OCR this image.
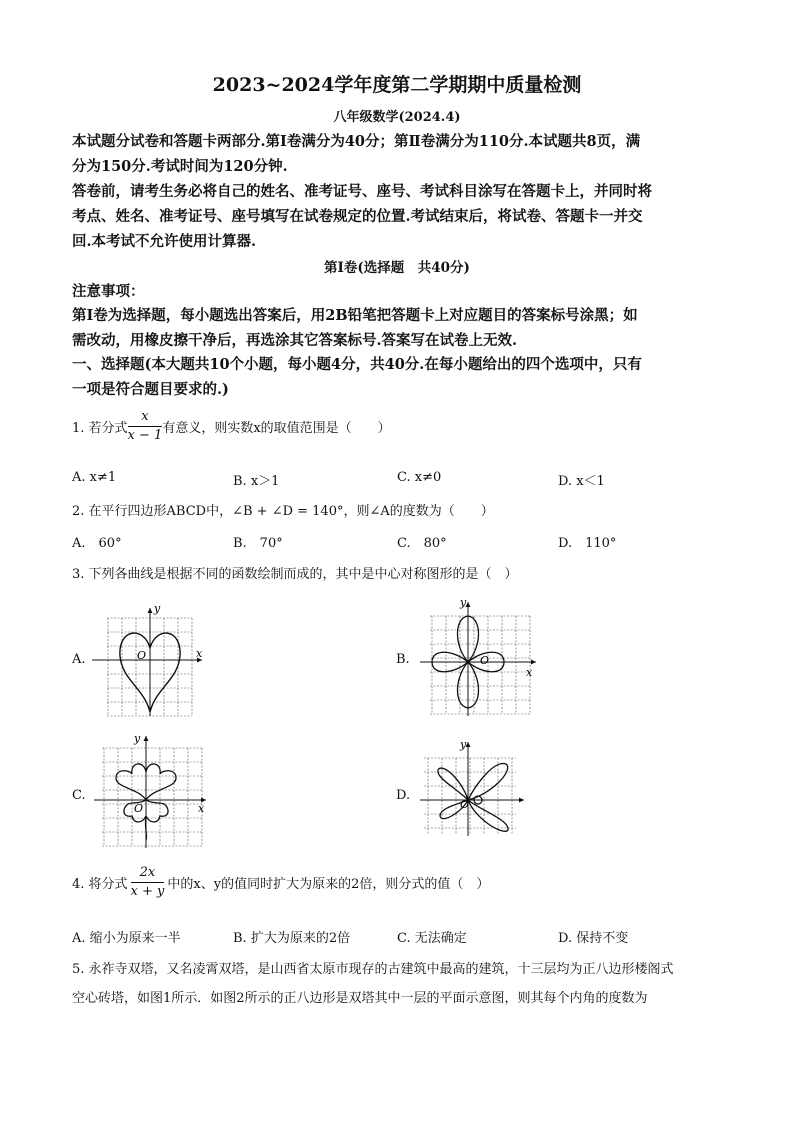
2023~2024学年度第二学期期中质量检测
八年级数学(2024.4)
本试题分试卷和答题卡两部分.第Ⅰ卷满分为40分；第Ⅱ卷满分为110分.本试题共8页，满
分为150分.考试时间为120分钟.
答卷前，请考生务必将自己的姓名、准考证号、座号、考试科目涂写在答题卡上，并同时将
考点、姓名、准考证号、座号填写在试卷规定的位置.考试结束后，将试卷、答题卡一并交
回.本考试不允许使用计算器.
第Ⅰ卷(选择题　共40分)
注意事项：
第Ⅰ卷为选择题，每小题选出答案后，用2B铅笔把答题卡上对应题目的答案标号涂黑；如
需改动，用橡皮擦干净后，再选涂其它答案标号.答案写在试卷上无效.
一、选择题(本大题共10个小题，每小题4分，共40分.在每小题给出的四个选项中，只有
一项是符合题目要求的.)
1. 若分式 $\frac{x}{x - 1}$ 有意义，则实数x的取值范围是（　　）
A. x≠1	B. x＞1	C. x≠0	D. x＜1
2. 在平行四边形ABCD中，∠B + ∠D = 140°，则∠A的度数为（　　）
A.　60°	B.　70°	C.　80°	D.　110°
3. 下列各曲线是根据不同的函数绘制而成的，其中是中心对称图形的是（　）
A.	B.
C.	D.
y
x
O
y
x
O
y
x
O
y
O
4. 将分式 $\frac{2x}{x + y}$ 中的x、y的值同时扩大为原来的2倍，则分式的值（　）
A. 缩小为原来一半	B. 扩大为原来的2倍	C. 无法确定	D. 保持不变
5. 永祚寺双塔，又名凌霄双塔，是山西省太原市现存的古建筑中最高的建筑，十三层均为正八边形楼阁式
空心砖塔，如图1所示．如图2所示的正八边形是双塔其中一层的平面示意图，则其每个内角的度数为
